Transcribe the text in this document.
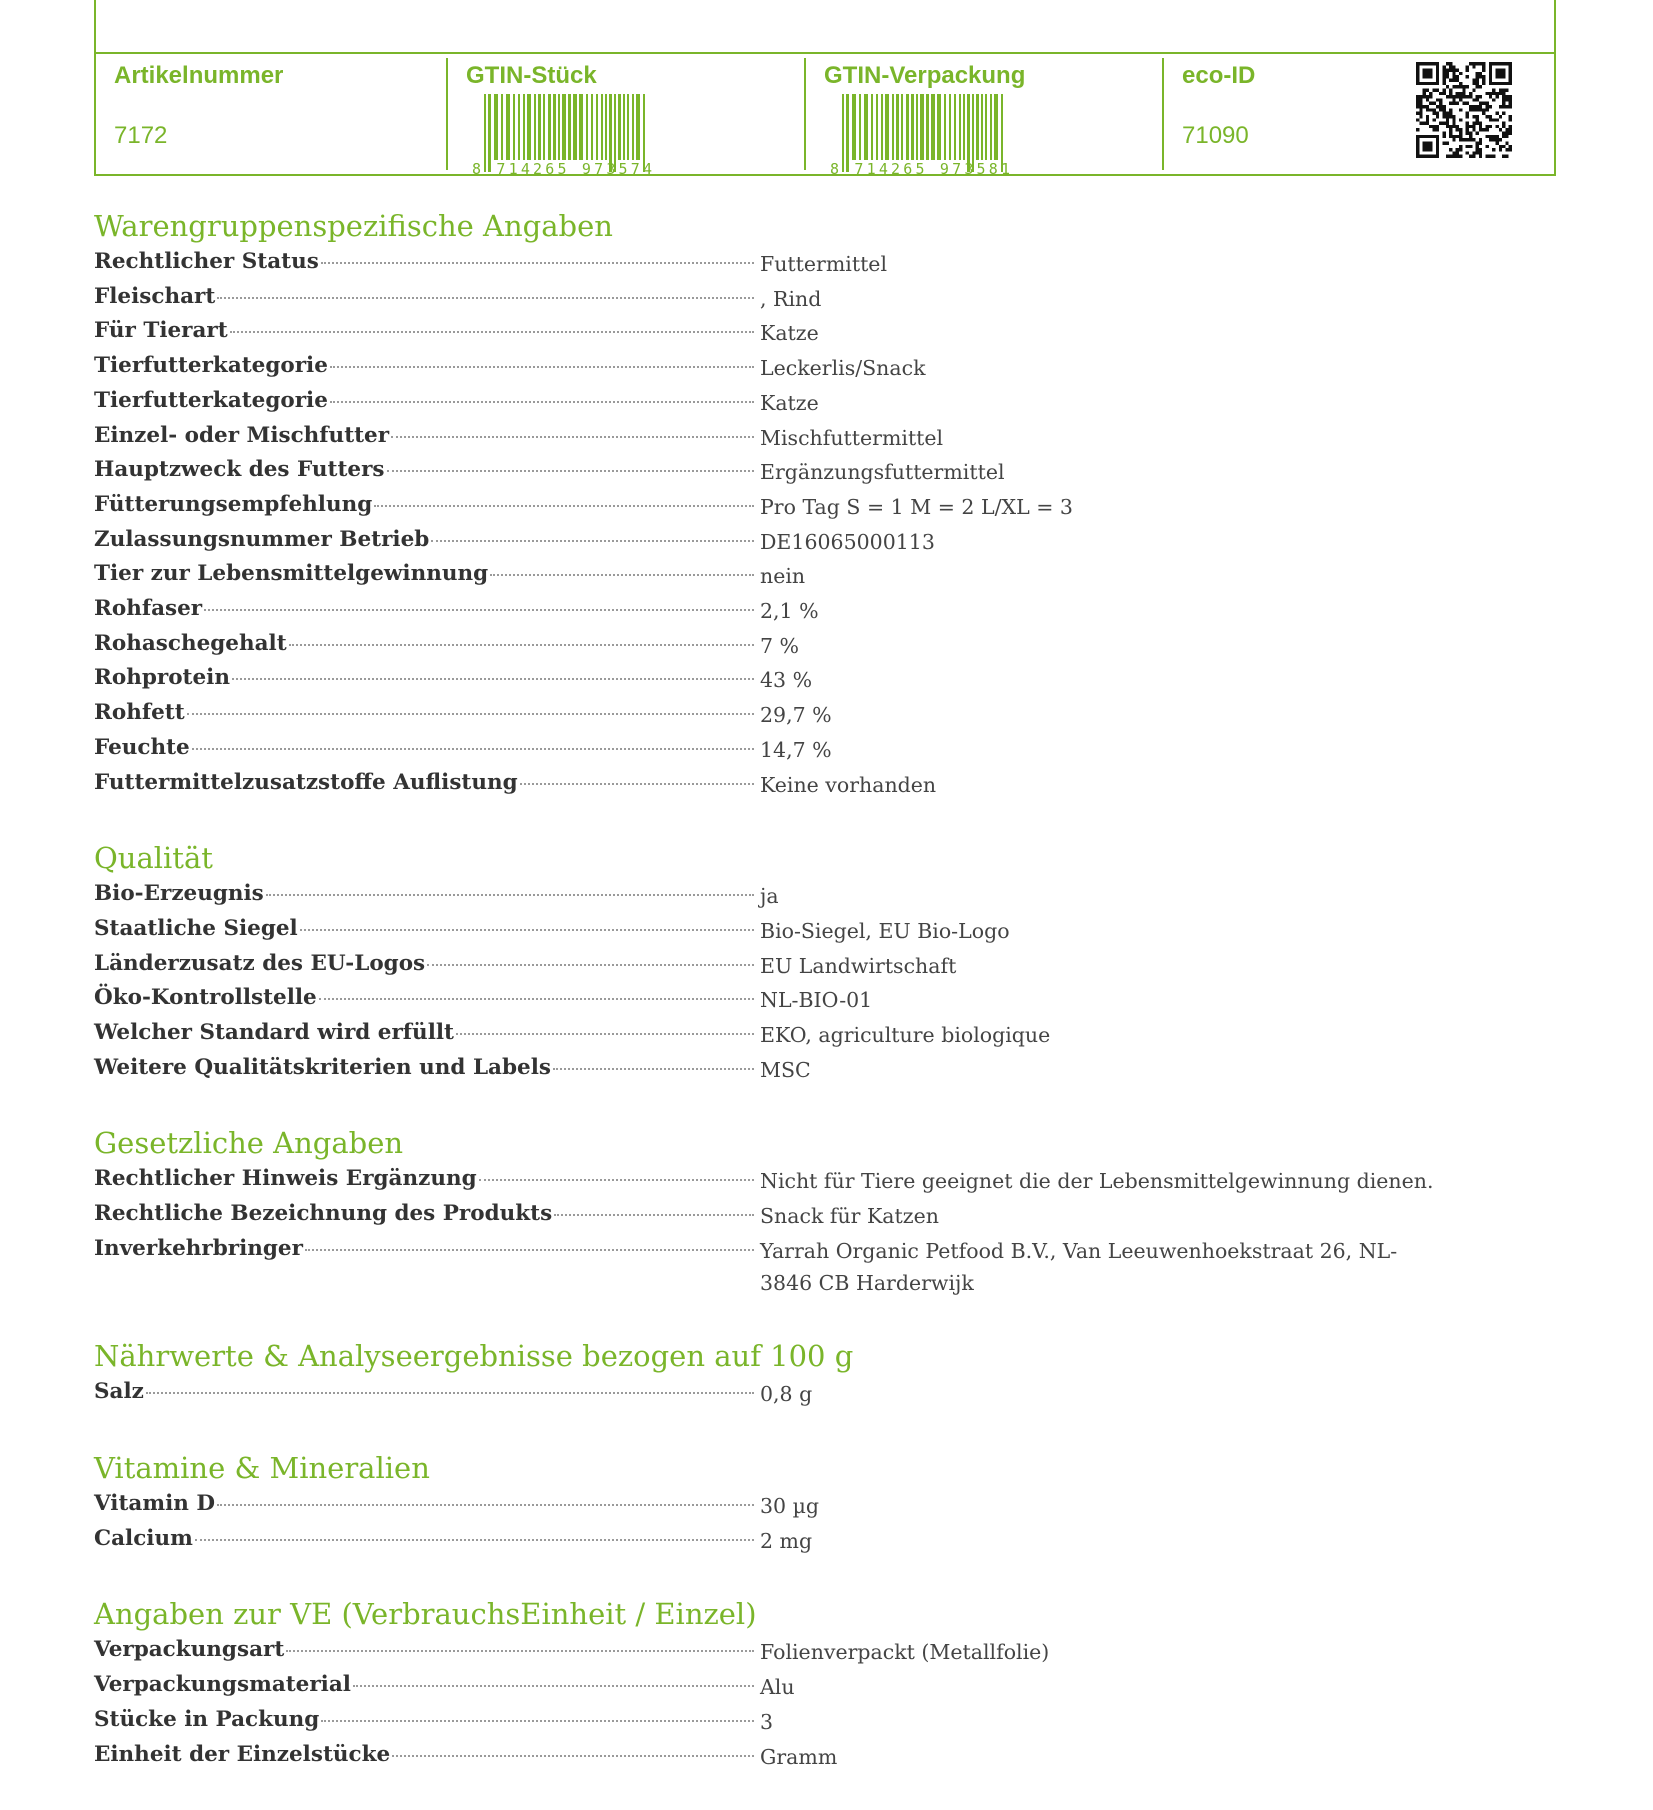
Artikelnummer
7172
GTIN-Stück
8 714265 973574
GTIN-Verpackung
8 714265 973581
eco-ID
71090
Warengruppenspezifische Angaben
Rechtlicher Status	Futtermittel
Fleischart	, Rind
Für Tierart	Katze
Tierfutterkategorie	Leckerlis/Snack
Tierfutterkategorie	Katze
Einzel- oder Mischfutter	Mischfuttermittel
Hauptzweck des Futters	Ergänzungsfuttermittel
Fütterungsempfehlung	Pro Tag S = 1 M = 2 L/XL = 3
Zulassungsnummer Betrieb	DE16065000113
Tier zur Lebensmittelgewinnung	nein
Rohfaser	2,1 %
Rohaschegehalt	7 %
Rohprotein	43 %
Rohfett	29,7 %
Feuchte	14,7 %
Futtermittelzusatzstoffe Auflistung	Keine vorhanden
Qualität
Bio-Erzeugnis	ja
Staatliche Siegel	Bio-Siegel, EU Bio-Logo
Länderzusatz des EU-Logos	EU Landwirtschaft
Öko-Kontrollstelle	NL-BIO-01
Welcher Standard wird erfüllt	EKO, agriculture biologique
Weitere Qualitätskriterien und Labels	MSC
Gesetzliche Angaben
Rechtlicher Hinweis Ergänzung	Nicht für Tiere geeignet die der Lebensmittelgewinnung dienen.
Rechtliche Bezeichnung des Produkts	Snack für Katzen
Inverkehrbringer	Yarrah Organic Petfood B.V., Van Leeuwenhoekstraat 26, NL-3846 CB Harderwijk
Nährwerte & Analyseergebnisse bezogen auf 100 g
Salz	0,8 g
Vitamine & Mineralien
Vitamin D	30 µg
Calcium	2 mg
Angaben zur VE (VerbrauchsEinheit / Einzel)
Verpackungsart	Folienverpackt (Metallfolie)
Verpackungsmaterial	Alu
Stücke in Packung	3
Einheit der Einzelstücke	Gramm
